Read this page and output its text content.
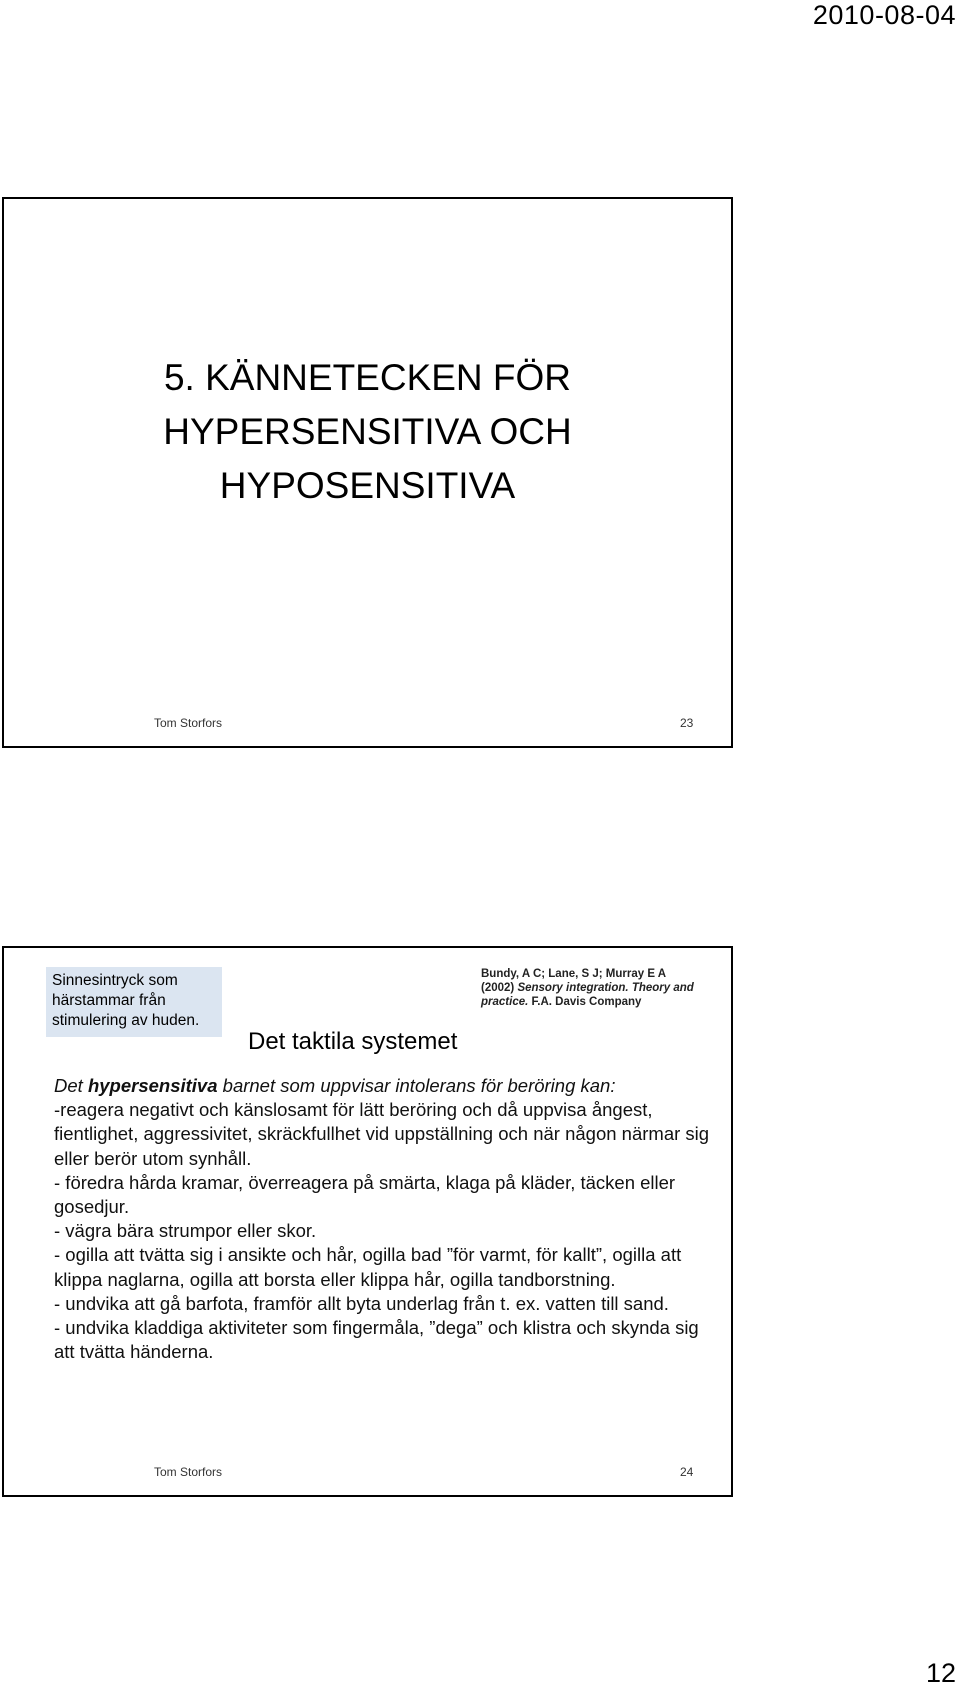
2010-08-04
5. KÄNNETECKEN FÖR
HYPERSENSITIVA OCH
HYPOSENSITIVA
Tom Storfors	23
Sinnesintryck som härstammar från stimulering av huden.
Bundy, A C; Lane, S J; Murray E A
(2002) Sensory integration. Theory and practice. F.A. Davis Company
Det taktila systemet

Det hypersensitiva barnet som uppvisar intolerans för beröring kan:

-reagera negativt och känslosamt för lätt beröring och då uppvisa ångest, fientlighet, aggressivitet, skräckfullhet vid uppställning och när någon närmar sig eller berör utom synhåll.

- föredra hårda kramar, överreagera på smärta, klaga på kläder, täcken eller gosedjur.

- vägra bära strumpor eller skor.

- ogilla att tvätta sig i ansikte och hår, ogilla bad ”för varmt, för kallt”, ogilla att klippa naglarna, ogilla att borsta eller klippa hår, ogilla tandborstning.

- undvika att gå barfota, framför allt byta underlag från t. ex. vatten till sand.

- undvika kladdiga aktiviteter som fingermåla, ”dega” och klistra och skynda sig att tvätta händerna.

Tom Storfors	24
12
